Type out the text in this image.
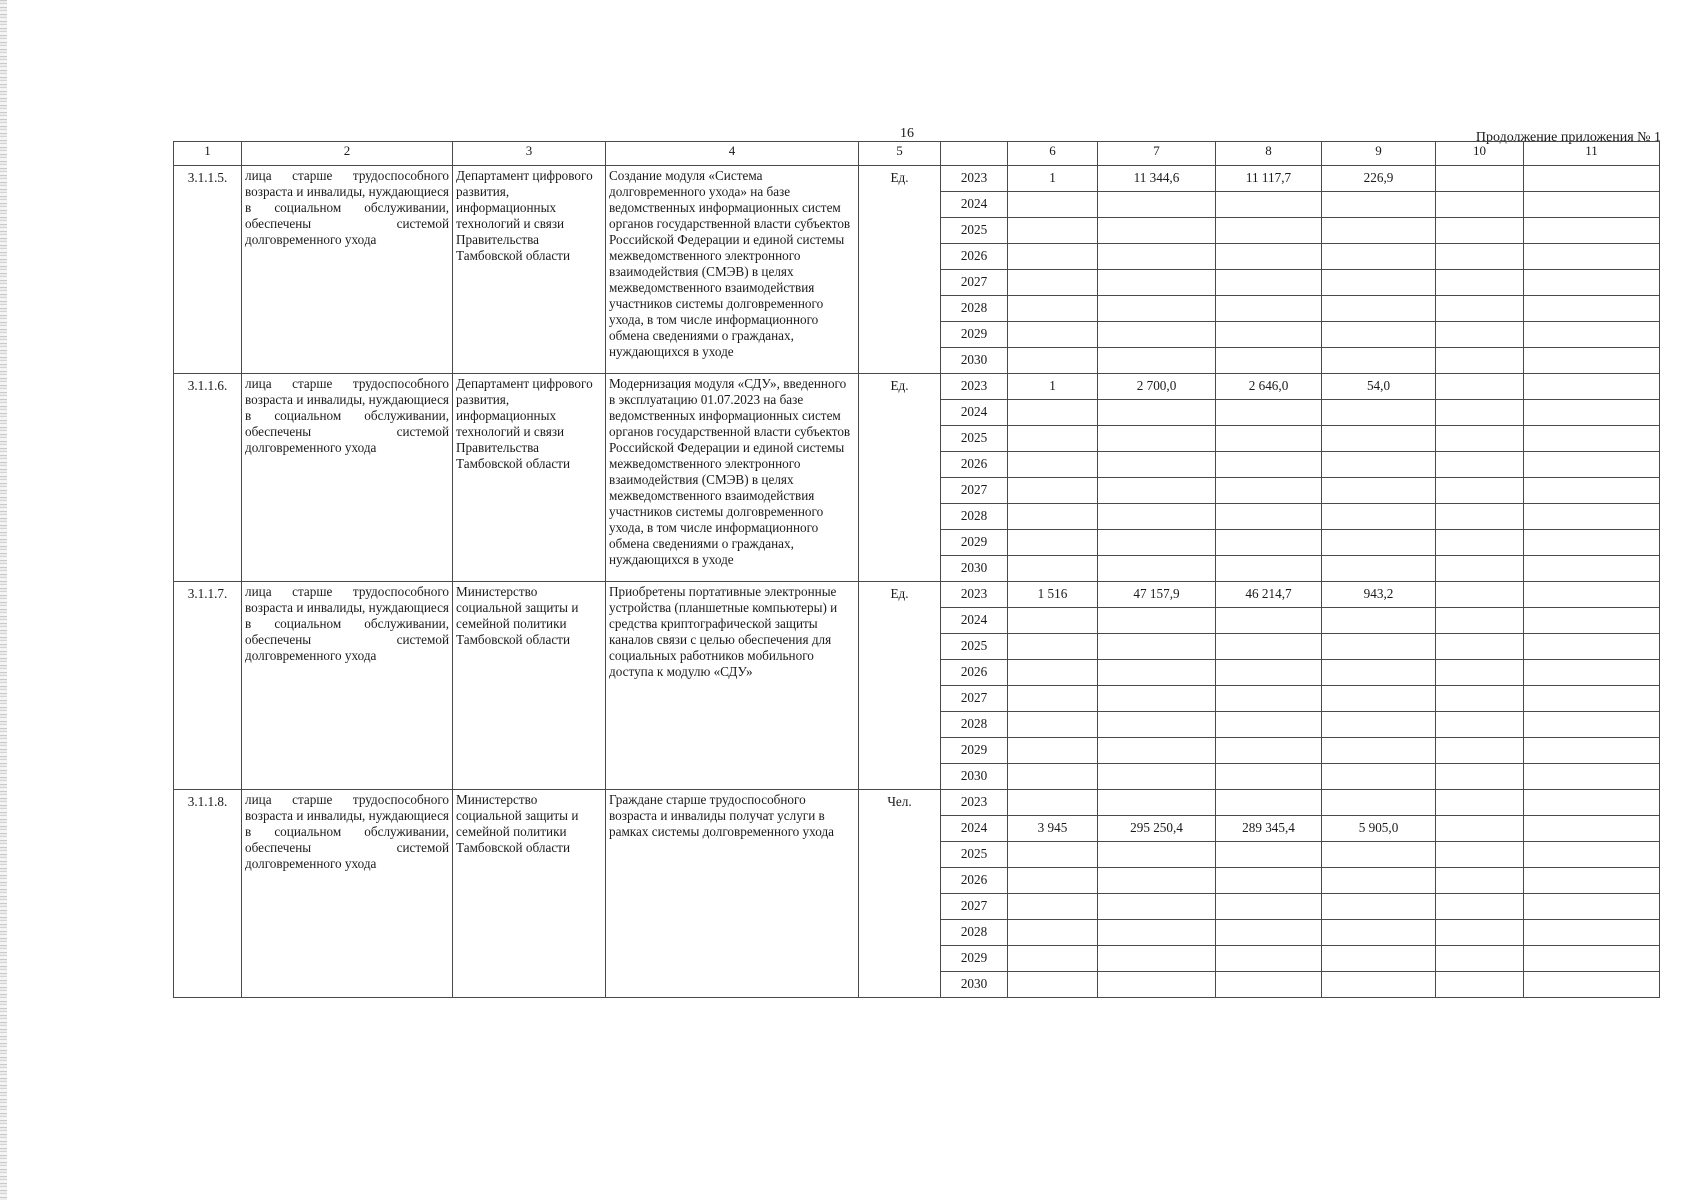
16	Продолжение приложения № 1
1	2	3	4	5		6	7	8	9	10	11
3.1.1.5.	лица старше трудоспособного возраста и инвалиды, нуждающиеся в социальном обслуживании, обеспечены системой долговременного ухода	Департамент цифрового развития, информационных технологий и связи Правительства Тамбовской области	Создание модуля «Система долговременного ухода» на базе ведомственных информационных систем органов государственной власти субъектов Российской Федерации и единой системы межведомственного электронного взаимодействия (СМЭВ) в целях межведомственного взаимодействия участников системы долговременного ухода, в том числе информационного обмена сведениями о гражданах, нуждающихся в уходе	Ед.	2023	1	11 344,6	11 117,7	226,9		
					2024						
					2025						
					2026						
					2027						
					2028						
					2029						
					2030						
3.1.1.6.	лица старше трудоспособного возраста и инвалиды, нуждающиеся в социальном обслуживании, обеспечены системой долговременного ухода	Департамент цифрового развития, информационных технологий и связи Правительства Тамбовской области	Модернизация модуля «СДУ», введенного в эксплуатацию 01.07.2023 на базе ведомственных информационных систем органов государственной власти субъектов Российской Федерации и единой системы межведомственного электронного взаимодействия (СМЭВ) в целях межведомственного взаимодействия участников системы долговременного ухода, в том числе информационного обмена сведениями о гражданах, нуждающихся в уходе	Ед.	2023	1	2 700,0	2 646,0	54,0		
					2024						
					2025						
					2026						
					2027						
					2028						
					2029						
					2030						
3.1.1.7.	лица старше трудоспособного возраста и инвалиды, нуждающиеся в социальном обслуживании, обеспечены системой долговременного ухода	Министерство социальной защиты и семейной политики Тамбовской области	Приобретены портативные электронные устройства (планшетные компьютеры) и средства криптографической защиты каналов связи с целью обеспечения для социальных работников мобильного доступа к модулю «СДУ»	Ед.	2023	1 516	47 157,9	46 214,7	943,2		
					2024						
					2025						
					2026						
					2027						
					2028						
					2029						
					2030						
3.1.1.8.	лица старше трудоспособного возраста и инвалиды, нуждающиеся в социальном обслуживании, обеспечены системой долговременного ухода	Министерство социальной защиты и семейной политики Тамбовской области	Граждане старше трудоспособного возраста и инвалиды получат услуги в рамках системы долговременного ухода	Чел.	2023						
					2024	3 945	295 250,4	289 345,4	5 905,0		
					2025						
					2026						
					2027						
					2028						
					2029						
					2030						
